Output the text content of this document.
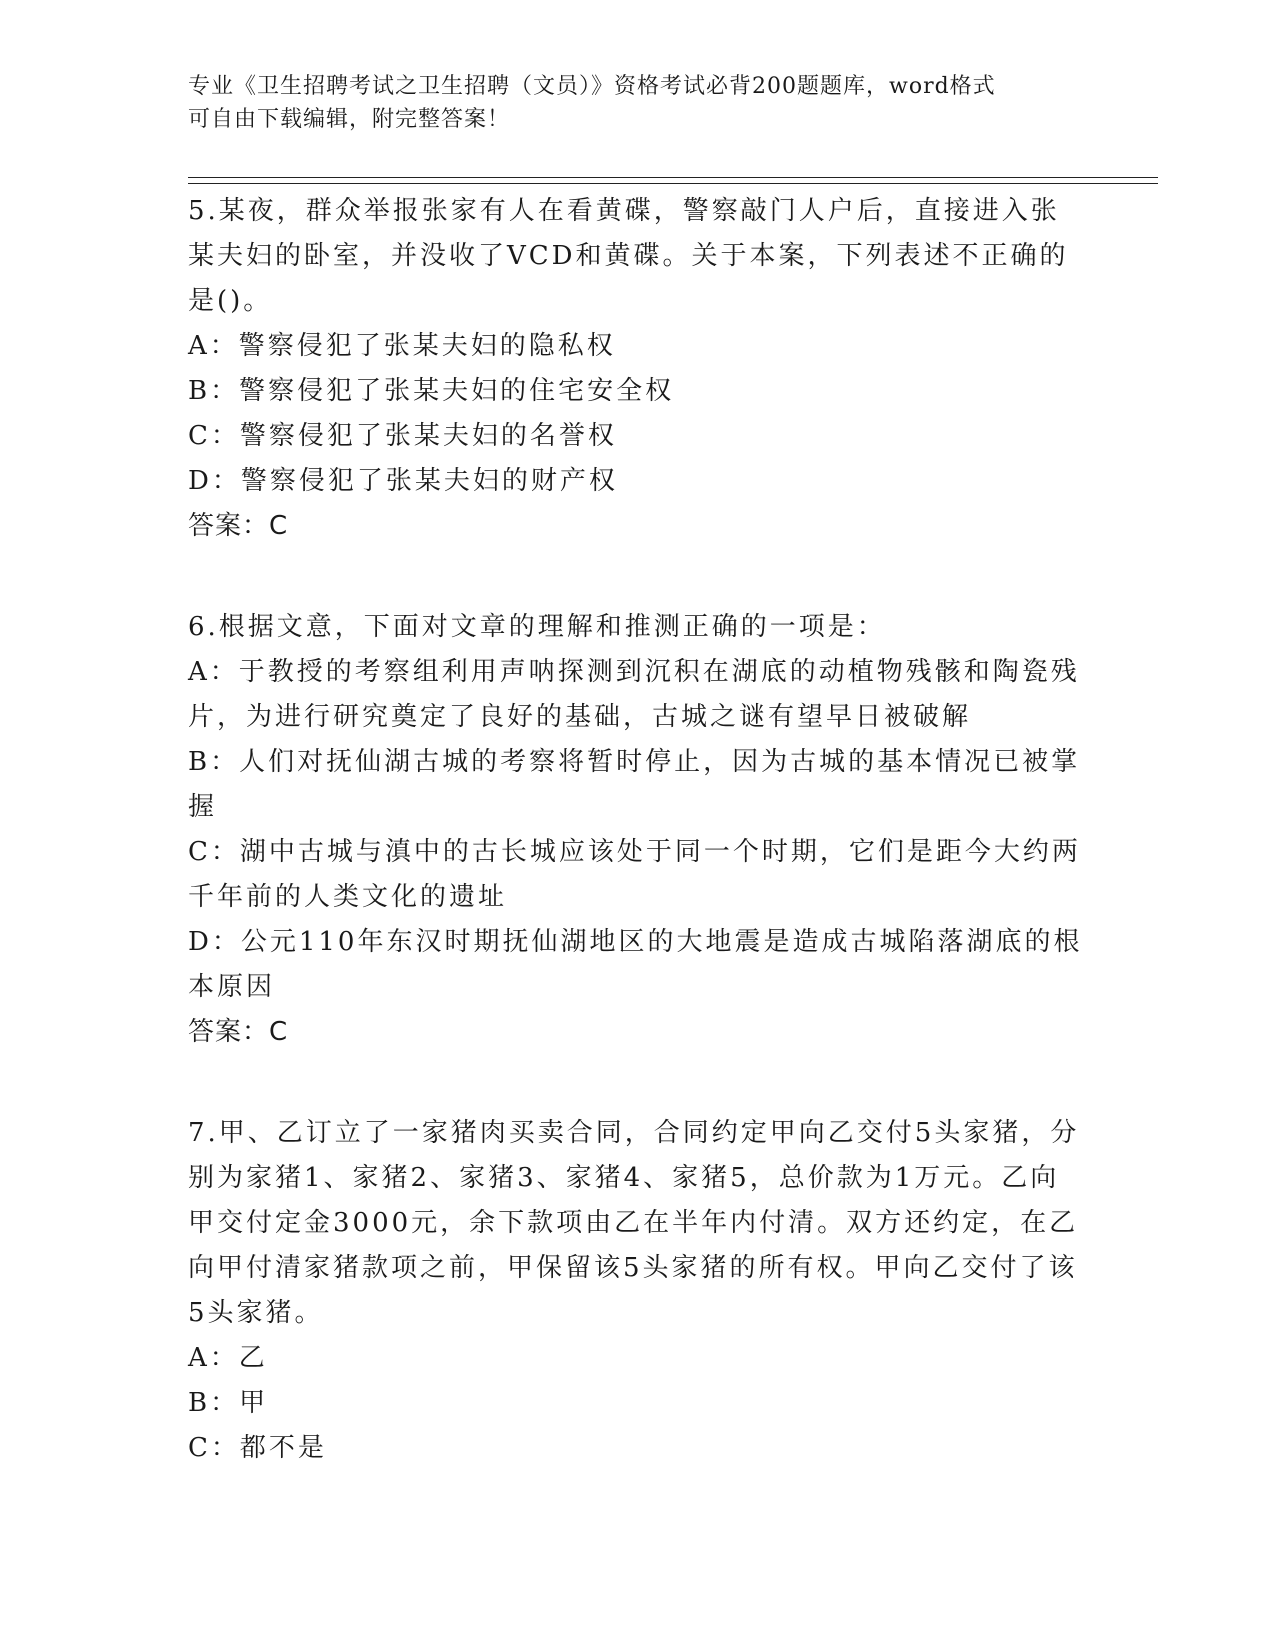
专业《卫生招聘考试之卫生招聘（文员）》资格考试必背200题题库，word格式
可自由下载编辑，附完整答案！

5.某夜，群众举报张家有人在看黄碟，警察敲门人户后，直接进入张某夫妇的卧室，并没收了VCD和黄碟。关于本案，下列表述不正确的是()。

A：警察侵犯了张某夫妇的隐私权

B：警察侵犯了张某夫妇的住宅安全权

C：警察侵犯了张某夫妇的名誉权

D：警察侵犯了张某夫妇的财产权

答案：C

6.根据文意，下面对文章的理解和推测正确的一项是：

A：于教授的考察组利用声呐探测到沉积在湖底的动植物残骸和陶瓷残片，为进行研究奠定了良好的基础，古城之谜有望早日被破解

B：人们对抚仙湖古城的考察将暂时停止，因为古城的基本情况已被掌握

C：湖中古城与滇中的古长城应该处于同一个时期，它们是距今大约两千年前的人类文化的遗址

D：公元110年东汉时期抚仙湖地区的大地震是造成古城陷落湖底的根本原因

答案：C

7.甲、乙订立了一家猪肉买卖合同，合同约定甲向乙交付5头家猪，分别为家猪1、家猪2、家猪3、家猪4、家猪5，总价款为1万元。乙向甲交付定金3000元，余下款项由乙在半年内付清。双方还约定，在乙向甲付清家猪款项之前，甲保留该5头家猪的所有权。甲向乙交付了该5头家猪。

A：乙

B：甲

C：都不是
